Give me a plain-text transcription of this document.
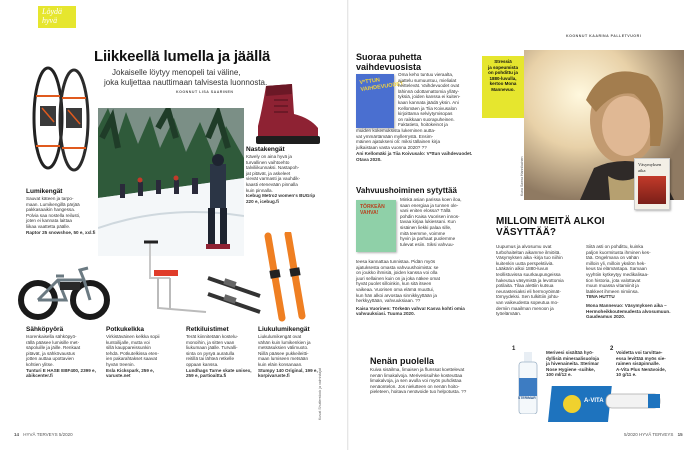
Löydä
hyvä
Liikkeellä lumella ja jäällä
Jokaiselle löytyy menopeli tai väline,
joka kuljettaa nauttimaan talvisesta luonnosta.
KOONNUT LISA SAARINEN
Lumikengät
Sauvat käteen ja tarpo-
maan. Lumikengillä pärjää
pakkasaaikin hangessa.
Polvia saa nostella reilusti,
joten ei kannata laittaa
liikaa vaattetta päälle.
Raptor 25 snowshoe, 50 e, xxl.fi
Nastakengät
Kävely on aina hyvä ja
turvallinen vaihtoehto
talviliikunnaksi. Nastapoh-
jat pitävät, ja askeleet
vievät varmasti ja vauhdik-
kaasti etenevään pinnalla
kuin pinnalla.
Icebug Metro2 women's BUGrip 220 e, icebug.fi
Kuvat Shutterstock ja valmistajat
Sähköpyörä
Isorenkaisella sähköpyö-
rällä pääsee lumisille met-
säpoluille ja jäille. Renkaat
pitävät, ja sähkövaustus
jotten auttaa upottavien
kohtien ylitse.
Tunturi E HASE EBF400, 2399 e, abikcenter.fi
Potkukelkka
Virkistäväinen kelkka sopii
kuntoilijalle, mutta voi
sillä kauppareissunkin
tehdä. Potkutelkissa eten-
ien pakarahtakset saavat
hyvän treenin.
Esla Kickspark, 259 e, varuste.net
Retkiluistimet
Terät kiinnitetään kostelu-
monoihin, ja sitten vaan
liukumaan jäälle. Turvalli-
sinta on pysyä auratulla
reitillä tai lähteä retkelle
oppaan kanssa.
Lundhags Tarne skate unisex, 259 e, partioaitta.fi
Liukulumikengät
Liukulumikengät ovat
vähän kuin lumikenkien ja
metsäsuksien välimuoto.
Niillä pääsee pukkeileitti-
maan lumiseen metsään
kuin eläin konsanaan.
Stumpy 140 Original, 199 e, korpivaruste.fi
14 HYVÄ TERVEYS 5/2020
KOONNUT KAARINA PALLETVUORI
V*TTUN VAIHDEVUODET
Suoraa puhetta
vaihdevuosista
Oma keho tuntuu vieraalta,
ajattelu sumuuntuu, mielialat
heittelevät. Vaihdevuodet ovat
lähinnä odottamattomia ylläty-
tyksiä, joiden kanssa ei kuiten-
kaan kannata jäädä yksin. Ani
Kellomäen ja Tiia Koivusalon
kirjoittama selviytymisopas
on raikkaan suorapuheinen.
Faktatieto, hoitokeinot ja
muiden kokemuksista lukeminen autta-
vat ymmärtämään myllerrystä. Ensim-
mäinen ajatukseni oli: miksi tällainen kirja
julkaistaan vasta vuonna 2020? ??
Ani Kellomäki ja Tiia Koivusalo: V*ttun vaihdevuodet. Otava 2020.
Stressiä
ja sopeumista
on pohdittu ja
1880-luvulla,
kertoo Mona
Mannevuo.
Kuva Sanna Hannikainen	Väsymyksen aika
TÖRKEÄN VAHVA!
Vahvuushoiminen sytyttää
Minkä asian parissa koen iloa,
saan energiaa ja tunnen ole-
vani eniten elossa? Tällä
pohdin Kaisa Vuorisen innos-
tavaa kirjaa lukiessani. Kun
sisäinen liekki palaa sille,
mitä teemme, voimme
hyvin ja parhaat puolemme
tulevat esiin. Siksi vahvuu-
teesa kannattaa tunnistaa. Pidän myös
ajatuksesta omasta vahvuushoimista: se
on joukko ihmisiä, joiden kanssa voi olla
juuri sellainen kuin on ja joka näkee omat
hyvät puolet silloinkin, kun sitä itseen
vaikeaa. Vuorisen oma elämä muuttui,
kun hän alkoi arvostaa sinnikkyyttään ja
herkkyyttään, vahvuuksiaan. ??
Kaisa Vuorinen: Törkeän vahva! Kasva kohti omia vahvuuksiasi. Tuuma 2020.
MILLOIN MEITÄ ALKOI
VÄSYTTÄÄ?
Uupumus ja alvosumu ovat
turbohaiteltan aikamme ilmiöitä.
Väsymyksen aika -kirja tuo niihin
kuitenkin uutta perspektiiviä.
Lääkärin alkoi 1880-luvun
teollistuvissa suurkaupungeissa
hakeutua väsymistä ja levottomia
potilaita. Tilaa alettiin kutsua
neurasteniaksi eli hermoyöimät-
tömyydeksi. Sen tulkittiin johtu-
van vaikeudesta sopeutua mo-
derniin maailman menoon ja
työelämään.
Siitä asti on pohdittu, kuinka
paljon kuormitusta ihminen kes-
tää. Ongelmana on vähän
milloin yli, milloin yksilön hek-
keus tai elämäntapa. Samaan
vyyhtiin kytkeytyy medikalisaa-
tion historia, jota valottavat
muun muassa vitamiinit ja
lääkkeet ihmeen nimiinsa.
TIINA HUTTU
Mona Mannevuo: Väsymyksen aika – Hermoheikkoutemudesta alvosumuun. Gaudeamus 2020.
Nenän puolella
Kuiva sisäilma, limaisen ja flunssat koettelevat
nenän limakalvoja. Merivesisuihke kosteuttaa
limakalvoja, ja sen avulla voi myös puhdistaa
nenäontelon. Jos nielutteen on nenän hoito-
pieleteen, hoitava nenävoide tuo helpotusta. ??
1
STERIMAR
Merivesi sisältää hyö-
dyllisiä mineraalisuoloja
ja hivenaineita. Sterimar
Nose Hygiene -suihke,
100 ml/12 e.
2
Voidetta voi tarvittae-
essa levittää myös sie-
raimen sisäpinnalle.
A-Vita Plus Nenävoide,
10 g/11 e.
A-VITA
5/2020 HYVÄ TERVEYS 15
